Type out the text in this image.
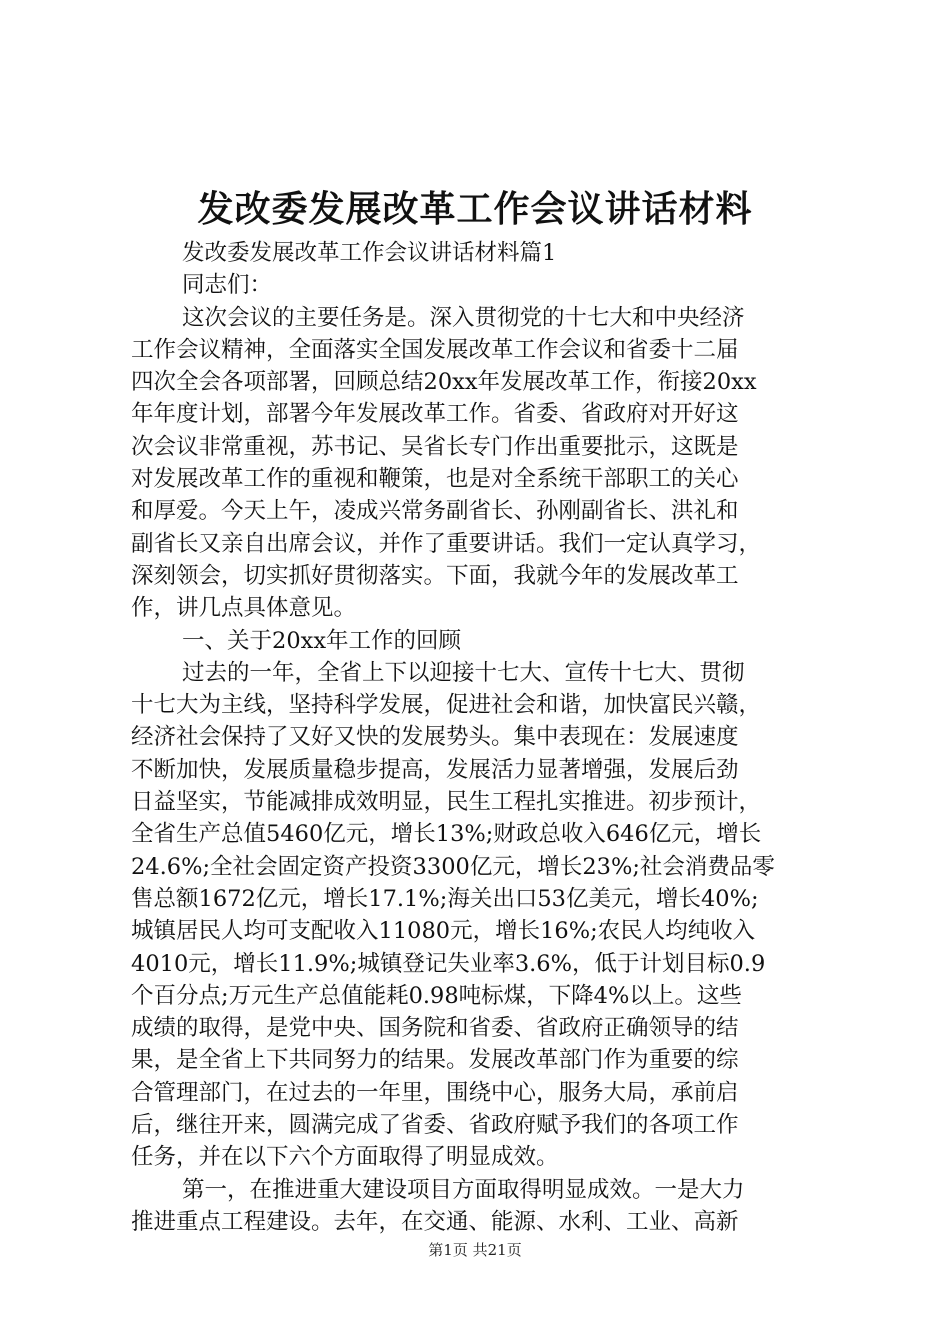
发改委发展改革工作会议讲话材料
发改委发展改革工作会议讲话材料篇1
同志们：
这次会议的主要任务是。深入贯彻党的十七大和中央经济
工作会议精神，全面落实全国发展改革工作会议和省委十二届
四次全会各项部署，回顾总结20xx年发展改革工作，衔接20xx
年年度计划，部署今年发展改革工作。省委、省政府对开好这
次会议非常重视，苏书记、吴省长专门作出重要批示，这既是
对发展改革工作的重视和鞭策，也是对全系统干部职工的关心
和厚爱。今天上午，凌成兴常务副省长、孙刚副省长、洪礼和
副省长又亲自出席会议，并作了重要讲话。我们一定认真学习，
深刻领会，切实抓好贯彻落实。下面，我就今年的发展改革工
作，讲几点具体意见。
一、关于20xx年工作的回顾
过去的一年，全省上下以迎接十七大、宣传十七大、贯彻
十七大为主线，坚持科学发展，促进社会和谐，加快富民兴赣，
经济社会保持了又好又快的发展势头。集中表现在：发展速度
不断加快，发展质量稳步提高，发展活力显著增强，发展后劲
日益坚实，节能减排成效明显，民生工程扎实推进。初步预计，
全省生产总值5460亿元，增长13%;财政总收入646亿元，增长
24.6%;全社会固定资产投资3300亿元，增长23%;社会消费品零
售总额1672亿元，增长17.1%;海关出口53亿美元，增长40%;
城镇居民人均可支配收入11080元，增长16%;农民人均纯收入
4010元，增长11.9%;城镇登记失业率3.6%，低于计划目标0.9
个百分点;万元生产总值能耗0.98吨标煤，下降4%以上。这些
成绩的取得，是党中央、国务院和省委、省政府正确领导的结
果，是全省上下共同努力的结果。发展改革部门作为重要的综
合管理部门，在过去的一年里，围绕中心，服务大局，承前启
后，继往开来，圆满完成了省委、省政府赋予我们的各项工作
任务，并在以下六个方面取得了明显成效。
第一，在推进重大建设项目方面取得明显成效。一是大力
推进重点工程建设。去年，在交通、能源、水利、工业、高新
第1页 共21页
